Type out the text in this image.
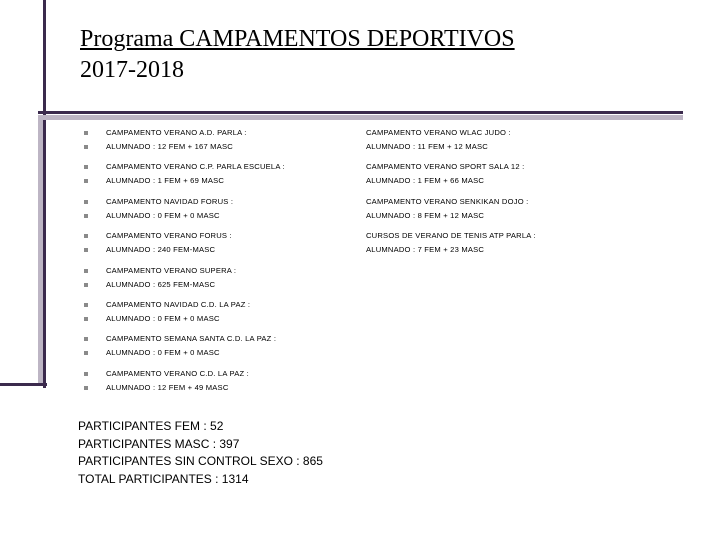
Programa CAMPAMENTOS DEPORTIVOS
2017-2018
CAMPAMENTO VERANO A.D. PARLA :
ALUMNADO : 12 FEM + 167 MASC
CAMPAMENTO VERANO C.P. PARLA ESCUELA :
ALUMNADO : 1 FEM + 69 MASC
CAMPAMENTO NAVIDAD FORUS :
ALUMNADO : 0 FEM + 0 MASC
CAMPAMENTO VERANO FORUS :
ALUMNADO : 240 FEM-MASC
CAMPAMENTO VERANO SUPERA :
ALUMNADO : 625 FEM-MASC
CAMPAMENTO NAVIDAD C.D. LA PAZ :
ALUMNADO : 0 FEM + 0 MASC
CAMPAMENTO SEMANA SANTA C.D. LA PAZ :
ALUMNADO : 0 FEM + 0 MASC
CAMPAMENTO VERANO C.D. LA PAZ :
ALUMNADO : 12 FEM + 49 MASC
CAMPAMENTO VERANO WLAC JUDO :
ALUMNADO : 11 FEM + 12 MASC
CAMPAMENTO VERANO SPORT SALA 12 :
ALUMNADO : 1 FEM + 66 MASC
CAMPAMENTO VERANO SENKIKAN DOJO :
ALUMNADO : 8 FEM + 12 MASC
CURSOS DE VERANO DE TENIS ATP PARLA :
ALUMNADO : 7 FEM + 23 MASC
PARTICIPANTES FEM : 52
PARTICIPANTES MASC : 397
PARTICIPANTES SIN CONTROL SEXO : 865
TOTAL PARTICIPANTES : 1314
